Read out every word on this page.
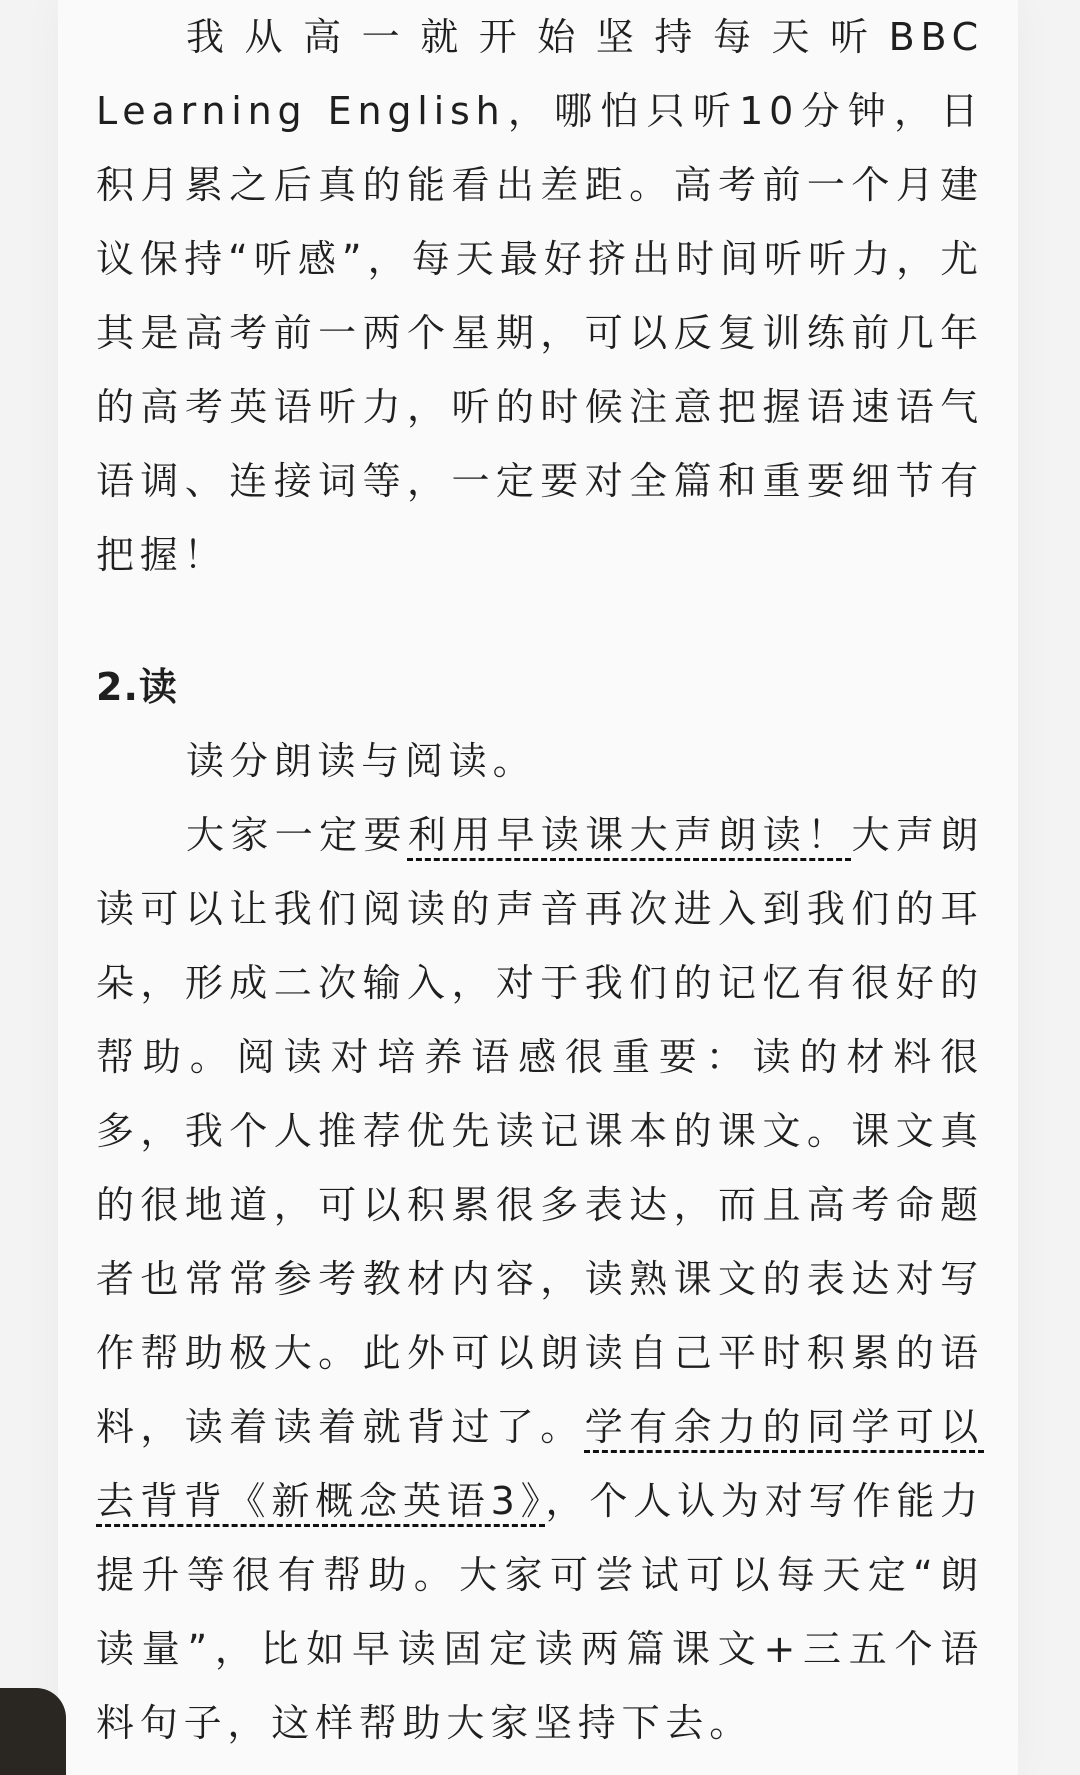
我从高一就开始坚持每天听BBC Learning English，哪怕只听10分钟，日积月累之后真的能看出差距。高考前一个月建议保持“听感”，每天最好挤出时间听听力，尤其是高考前一两个星期，可以反复训练前几年的高考英语听力，听的时候注意把握语速语气语调、连接词等，一定要对全篇和重要细节有把握！

2.读

读分朗读与阅读。

大家一定要利用早读课大声朗读！大声朗读可以让我们阅读的声音再次进入到我们的耳朵，形成二次输入，对于我们的记忆有很好的帮助。阅读对培养语感很重要：读的材料很多，我个人推荐优先读记课本的课文。课文真的很地道，可以积累很多表达，而且高考命题者也常常参考教材内容，读熟课文的表达对写作帮助极大。此外可以朗读自己平时积累的语料，读着读着就背过了。学有余力的同学可以去背背《新概念英语3》，个人认为对写作能力提升等很有帮助。大家可尝试可以每天定“朗读量”，比如早读固定读两篇课文+三五个语料句子，这样帮助大家坚持下去。
